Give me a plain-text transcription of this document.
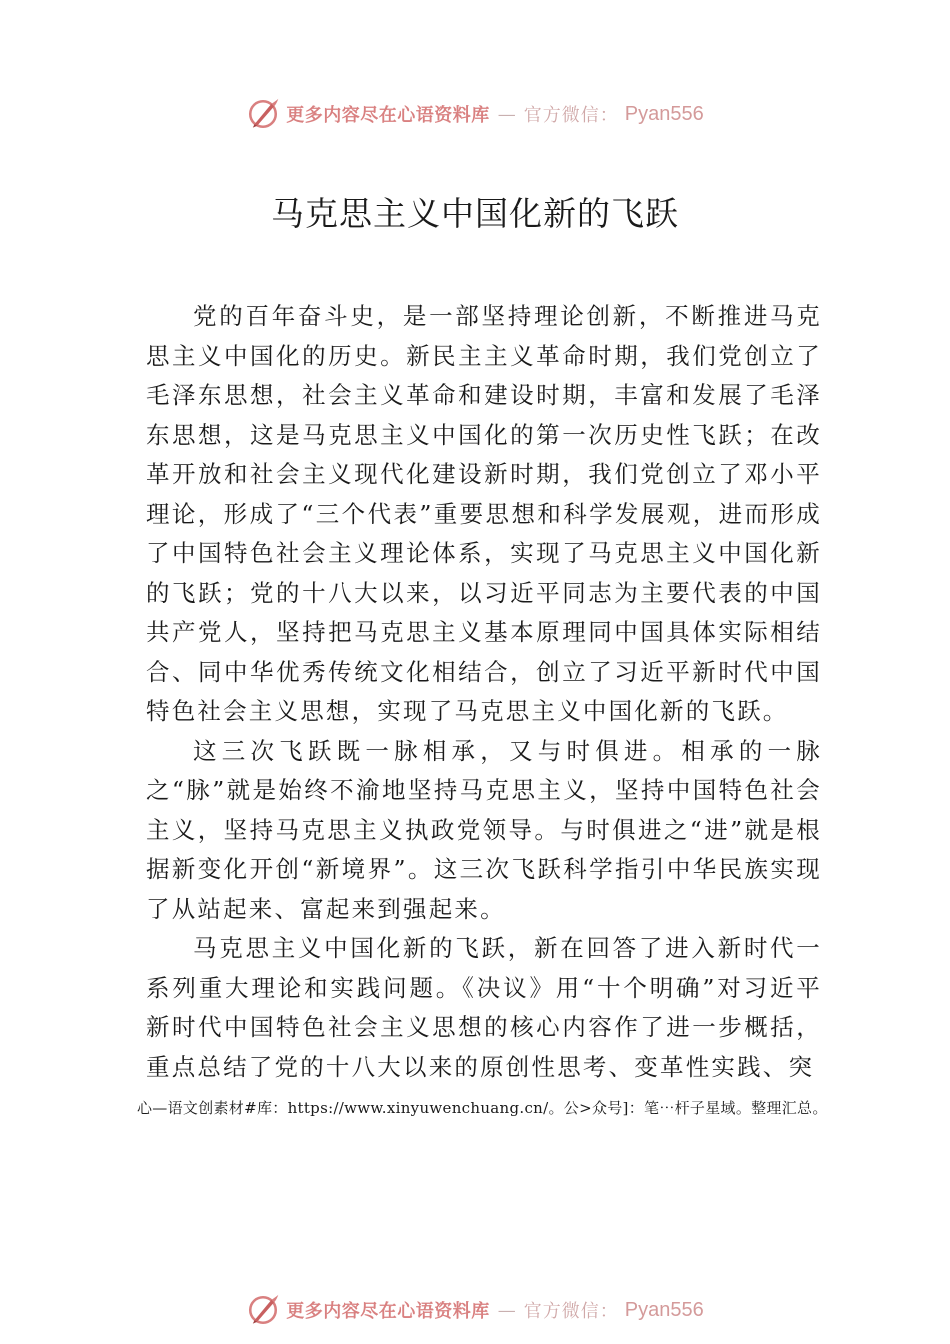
更多内容尽在心语资料库 — 官方微信： Pyan556
马克思主义中国化新的飞跃

党的百年奋斗史，是一部坚持理论创新，不断推进马克思主义中国化的历史。新民主主义革命时期，我们党创立了毛泽东思想，社会主义革命和建设时期，丰富和发展了毛泽东思想，这是马克思主义中国化的第一次历史性飞跃；在改革开放和社会主义现代化建设新时期，我们党创立了邓小平理论，形成了“三个代表”重要思想和科学发展观，进而形成了中国特色社会主义理论体系，实现了马克思主义中国化新的飞跃；党的十八大以来，以习近平同志为主要代表的中国共产党人，坚持把马克思主义基本原理同中国具体实际相结合、同中华优秀传统文化相结合，创立了习近平新时代中国特色社会主义思想，实现了马克思主义中国化新的飞跃。

这三次飞跃既一脉相承，又与时俱进。相承的一脉之“脉”就是始终不渝地坚持马克思主义，坚持中国特色社会主义，坚持马克思主义执政党领导。与时俱进之“进”就是根据新变化开创“新境界”。这三次飞跃科学指引中华民族实现了从站起来、富起来到强起来。

马克思主义中国化新的飞跃，新在回答了进入新时代一系列重大理论和实践问题。《决议》用“十个明确”对习近平新时代中国特色社会主义思想的核心内容作了进一步概括，重点总结了党的十八大以来的原创性思考、变革性实践、突

心—语文创素材#库：https://www.xinyuwenchuang.cn/。公>众号]：笔⋯杆子星域。整理汇总。
更多内容尽在心语资料库 — 官方微信： Pyan556
